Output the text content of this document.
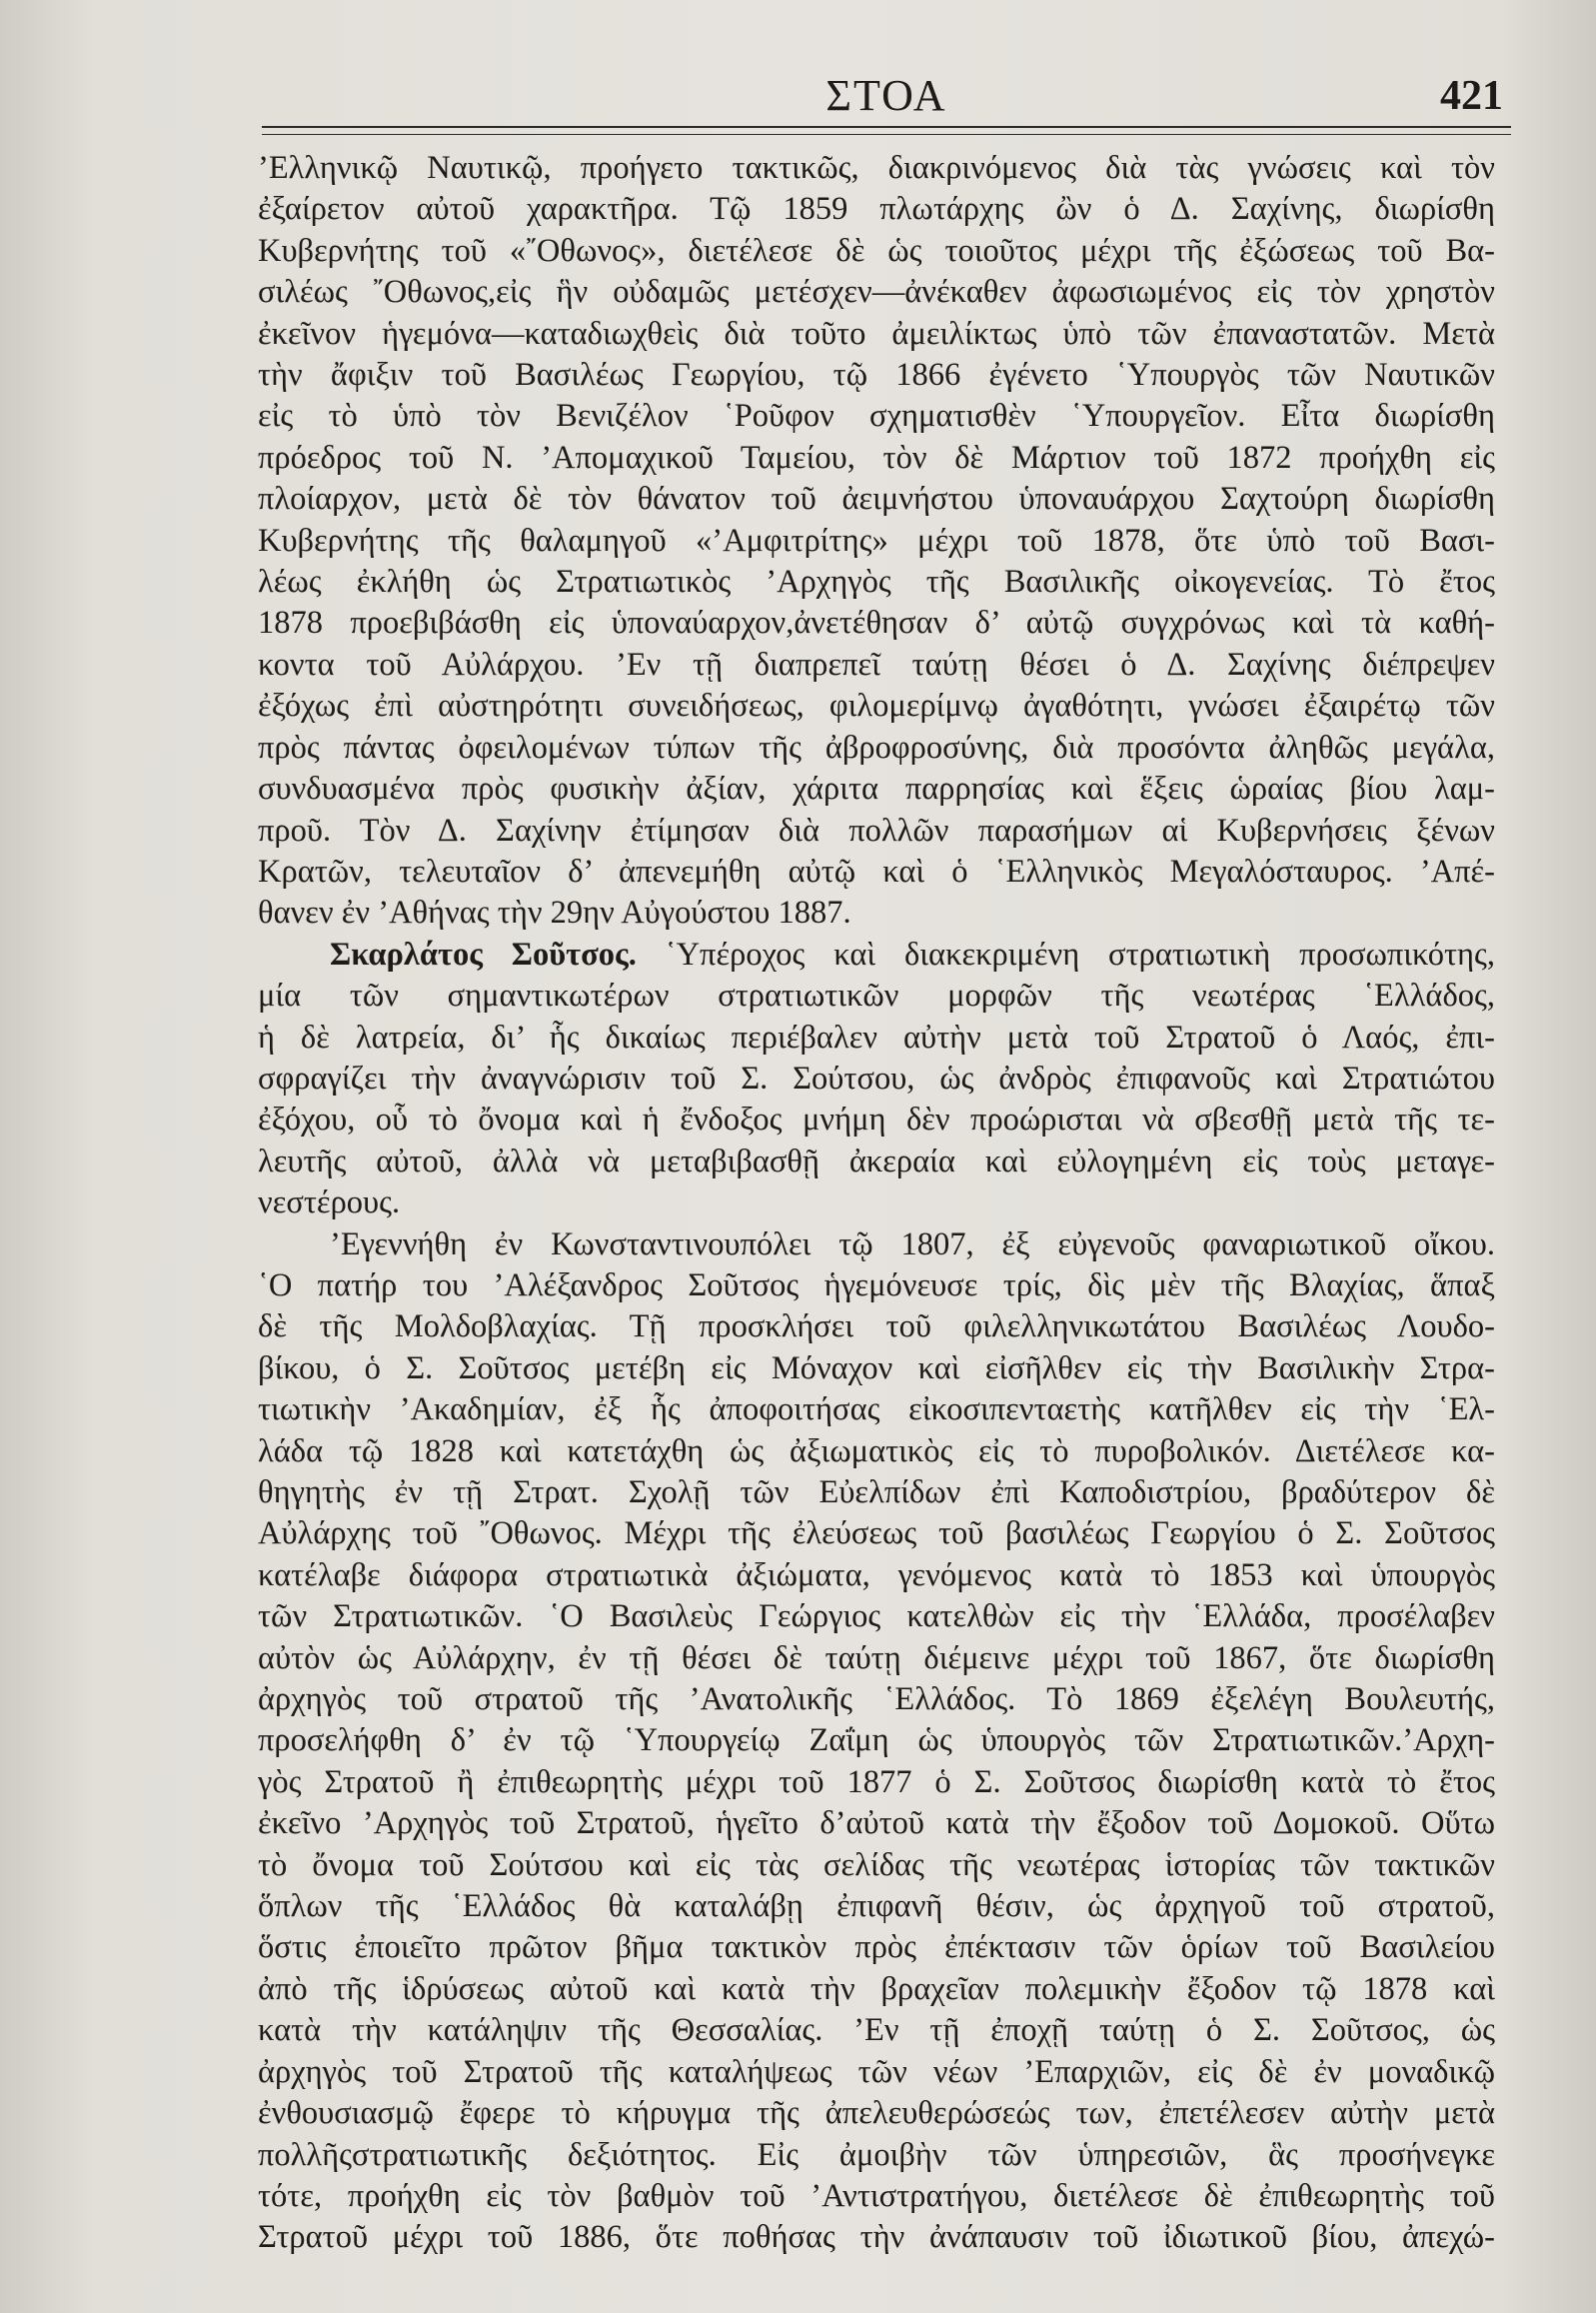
ΣΤΟΑ	421
’Ελληνικῷ Ναυτικῷ, προήγετο τακτικῶς, διακρινόμενος διὰ τὰς γνώσεις καὶ τὸν
ἐξαίρετον αὐτοῦ χαρακτῆρα. Τῷ 1859 πλωτάρχης ὢν ὁ Δ. Σαχίνης, διωρίσθη
Κυβερνήτης τοῦ «῎Οθωνος», διετέλεσε δὲ ὡς τοιοῦτος μέχρι τῆς ἐξώσεως τοῦ Βα-
σιλέως ῎Οθωνος,εἰς ἣν οὐδαμῶς μετέσχεν—ἀνέκαθεν ἀφωσιωμένος εἰς τὸν χρηστὸν
ἐκεῖνον ἡγεμόνα—καταδιωχθεὶς διὰ τοῦτο ἀμειλίκτως ὑπὸ τῶν ἐπαναστατῶν. Μετὰ
τὴν ἄφιξιν τοῦ Βασιλέως Γεωργίου, τῷ 1866 ἐγένετο ῾Υπουργὸς τῶν Ναυτικῶν
εἰς τὸ ὑπὸ τὸν Βενιζέλον ῾Ροῦφον σχηματισθὲν ῾Υπουργεῖον. Εἶτα διωρίσθη
πρόεδρος τοῦ Ν. ’Απομαχικοῦ Ταμείου, τὸν δὲ Μάρτιον τοῦ 1872 προήχθη εἰς
πλοίαρχον, μετὰ δὲ τὸν θάνατον τοῦ ἀειμνήστου ὑποναυάρχου Σαχτούρη διωρίσθη
Κυβερνήτης τῆς θαλαμηγοῦ «’Αμφιτρίτης» μέχρι τοῦ 1878, ὅτε ὑπὸ τοῦ Βασι-
λέως ἐκλήθη ὡς Στρατιωτικὸς ’Αρχηγὸς τῆς Βασιλικῆς οἰκογενείας. Τὸ ἔτος
1878 προεβιβάσθη εἰς ὑποναύαρχον,ἀνετέθησαν δ’ αὐτῷ συγχρόνως καὶ τὰ καθή-
κοντα τοῦ Αὐλάρχου. ’Εν τῇ διαπρεπεῖ ταύτῃ θέσει ὁ Δ. Σαχίνης διέπρεψεν
ἐξόχως ἐπὶ αὐστηρότητι συνειδήσεως, φιλομερίμνῳ ἀγαθότητι, γνώσει ἐξαιρέτῳ τῶν
πρὸς πάντας ὀφειλομένων τύπων τῆς ἀβροφροσύνης, διὰ προσόντα ἀληθῶς μεγάλα,
συνδυασμένα πρὸς φυσικὴν ἀξίαν, χάριτα παρρησίας καὶ ἕξεις ὡραίας βίου λαμ-
προῦ. Τὸν Δ. Σαχίνην ἐτίμησαν διὰ πολλῶν παρασήμων αἱ Κυβερνήσεις ξένων
Κρατῶν, τελευταῖον δ’ ἀπενεμήθη αὐτῷ καὶ ὁ ῾Ελληνικὸς Μεγαλόσταυρος. ’Απέ-
θανεν ἐν ’Αθήνας τὴν 29ην Αὐγούστου 1887.
Σκαρλάτος Σοῦτσος. ῾Υπέροχος καὶ διακεκριμένη στρατιωτικὴ προσωπικότης,
μία τῶν σημαντικωτέρων στρατιωτικῶν μορφῶν τῆς νεωτέρας ῾Ελλάδος,
ἡ δὲ λατρεία, δι’ ἧς δικαίως περιέβαλεν αὐτὴν μετὰ τοῦ Στρατοῦ ὁ Λαός, ἐπι-
σφραγίζει τὴν ἀναγνώρισιν τοῦ Σ. Σούτσου, ὡς ἀνδρὸς ἐπιφανοῦς καὶ Στρατιώτου
ἐξόχου, οὗ τὸ ὄνομα καὶ ἡ ἔνδοξος μνήμη δὲν προώρισται νὰ σβεσθῇ μετὰ τῆς τε-
λευτῆς αὐτοῦ, ἀλλὰ νὰ μεταβιβασθῇ ἀκεραία καὶ εὐλογημένη εἰς τοὺς μεταγε-
νεστέρους.
’Εγεννήθη ἐν Κωνσταντινουπόλει τῷ 1807, ἐξ εὐγενοῦς φαναριωτικοῦ οἴκου.
῾Ο πατήρ του ’Αλέξανδρος Σοῦτσος ἡγεμόνευσε τρίς, δὶς μὲν τῆς Βλαχίας, ἅπαξ
δὲ τῆς Μολδοβλαχίας. Τῇ προσκλήσει τοῦ φιλελληνικωτάτου Βασιλέως Λουδο-
βίκου, ὁ Σ. Σοῦτσος μετέβη εἰς Μόναχον καὶ εἰσῆλθεν εἰς τὴν Βασιλικὴν Στρα-
τιωτικὴν ’Ακαδημίαν, ἐξ ἧς ἀποφοιτήσας εἰκοσιπενταετὴς κατῆλθεν εἰς τὴν ῾Ελ-
λάδα τῷ 1828 καὶ κατετάχθη ὡς ἀξιωματικὸς εἰς τὸ πυροβολικόν. Διετέλεσε κα-
θηγητὴς ἐν τῇ Στρατ. Σχολῇ τῶν Εὐελπίδων ἐπὶ Καποδιστρίου, βραδύτερον δὲ
Αὐλάρχης τοῦ ῎Οθωνος. Μέχρι τῆς ἐλεύσεως τοῦ βασιλέως Γεωργίου ὁ Σ. Σοῦτσος
κατέλαβε διάφορα στρατιωτικὰ ἀξιώματα, γενόμενος κατὰ τὸ 1853 καὶ ὑπουργὸς
τῶν Στρατιωτικῶν. ῾Ο Βασιλεὺς Γεώργιος κατελθὼν εἰς τὴν ῾Ελλάδα, προσέλαβεν
αὐτὸν ὡς Αὐλάρχην, ἐν τῇ θέσει δὲ ταύτῃ διέμεινε μέχρι τοῦ 1867, ὅτε διωρίσθη
ἀρχηγὸς τοῦ στρατοῦ τῆς ’Ανατολικῆς ῾Ελλάδος. Τὸ 1869 ἐξελέγη Βουλευτής,
προσελήφθη δ’ ἐν τῷ ῾Υπουργείῳ Ζαΐμη ὡς ὑπουργὸς τῶν Στρατιωτικῶν.’Αρχη-
γὸς Στρατοῦ ἢ ἐπιθεωρητὴς μέχρι τοῦ 1877 ὁ Σ. Σοῦτσος διωρίσθη κατὰ τὸ ἔτος
ἐκεῖνο ’Αρχηγὸς τοῦ Στρατοῦ, ἡγεῖτο δ’αὐτοῦ κατὰ τὴν ἔξοδον τοῦ Δομοκοῦ. Οὕτω
τὸ ὄνομα τοῦ Σούτσου καὶ εἰς τὰς σελίδας τῆς νεωτέρας ἱστορίας τῶν τακτικῶν
ὅπλων τῆς ῾Ελλάδος θὰ καταλάβῃ ἐπιφανῆ θέσιν, ὡς ἀρχηγοῦ τοῦ στρατοῦ,
ὅστις ἐποιεῖτο πρῶτον βῆμα τακτικὸν πρὸς ἐπέκτασιν τῶν ὁρίων τοῦ Βασιλείου
ἀπὸ τῆς ἱδρύσεως αὐτοῦ καὶ κατὰ τὴν βραχεῖαν πολεμικὴν ἔξοδον τῷ 1878 καὶ
κατὰ τὴν κατάληψιν τῆς Θεσσαλίας. ’Εν τῇ ἐποχῇ ταύτῃ ὁ Σ. Σοῦτσος, ὡς
ἀρχηγὸς τοῦ Στρατοῦ τῆς καταλήψεως τῶν νέων ’Επαρχιῶν, εἰς δὲ ἐν μοναδικῷ
ἐνθουσιασμῷ ἔφερε τὸ κήρυγμα τῆς ἀπελευθερώσεώς των, ἐπετέλεσεν αὐτὴν μετὰ
πολλῆςστρατιωτικῆς δεξιότητος. Εἰς ἀμοιβὴν τῶν ὑπηρεσιῶν, ἃς προσήνεγκε
τότε, προήχθη εἰς τὸν βαθμὸν τοῦ ’Αντιστρατήγου, διετέλεσε δὲ ἐπιθεωρητὴς τοῦ
Στρατοῦ μέχρι τοῦ 1886, ὅτε ποθήσας τὴν ἀνάπαυσιν τοῦ ἰδιωτικοῦ βίου, ἀπεχώ-
